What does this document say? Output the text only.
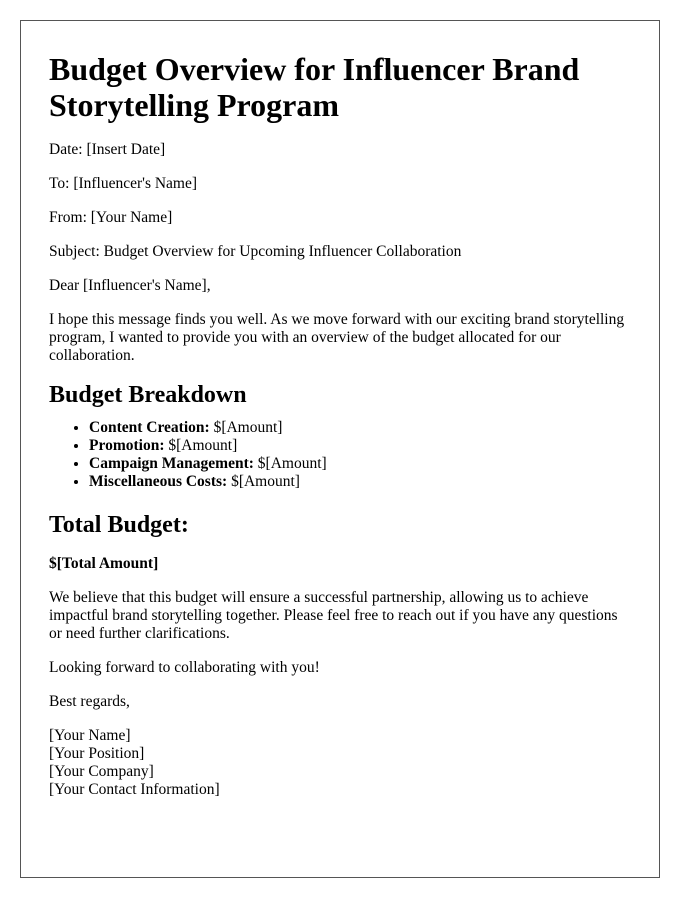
Budget Overview for Influencer Brand Storytelling Program

Date: [Insert Date]

To: [Influencer's Name]

From: [Your Name]

Subject: Budget Overview for Upcoming Influencer Collaboration

Dear [Influencer's Name],

I hope this message finds you well. As we move forward with our exciting brand storytelling program, I wanted to provide you with an overview of the budget allocated for our collaboration.

Budget Breakdown
• Content Creation: $[Amount]
• Promotion: $[Amount]
• Campaign Management: $[Amount]
• Miscellaneous Costs: $[Amount]
Total Budget:

$[Total Amount]

We believe that this budget will ensure a successful partnership, allowing us to achieve impactful brand storytelling together. Please feel free to reach out if you have any questions or need further clarifications.

Looking forward to collaborating with you!

Best regards,

[Your Name]
[Your Position]
[Your Company]
[Your Contact Information]
